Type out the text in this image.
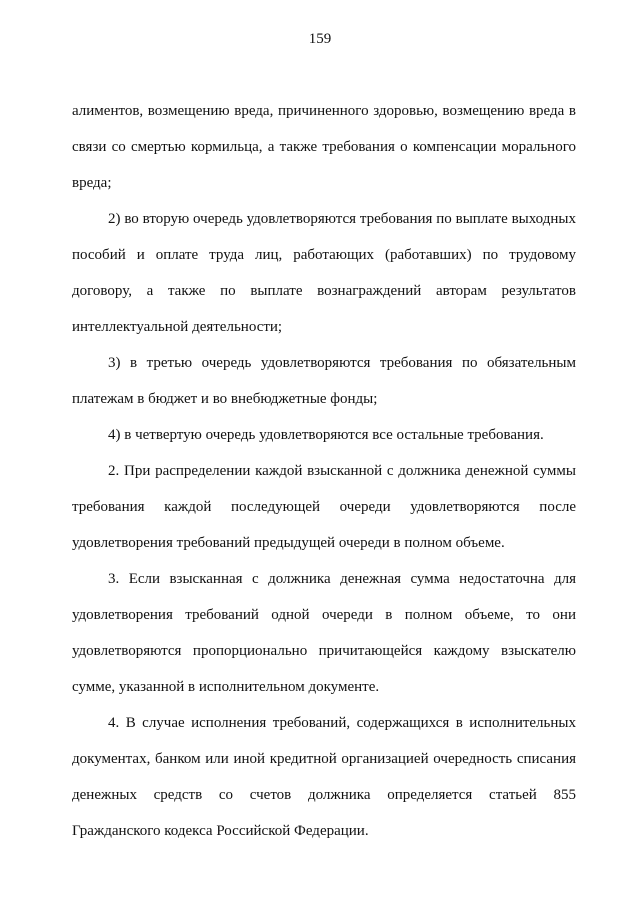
159

алиментов, возмещению вреда, причиненного здоровью, возмещению вреда в связи со смертью кормильца, а также требования о компенсации морального вреда;

2) во вторую очередь удовлетворяются требования по выплате выходных пособий и оплате труда лиц, работающих (работавших) по трудовому договору, а также по выплате вознаграждений авторам результатов интеллектуальной деятельности;

3) в третью очередь удовлетворяются требования по обязательным платежам в бюджет и во внебюджетные фонды;

4) в четвертую очередь удовлетворяются все остальные требования.

2. При распределении каждой взысканной с должника денежной суммы требования каждой последующей очереди удовлетворяются после удовлетворения требований предыдущей очереди в полном объеме.

3. Если взысканная с должника денежная сумма недостаточна для удовлетворения требований одной очереди в полном объеме, то они удовлетворяются пропорционально причитающейся каждому взыскателю сумме, указанной в исполнительном документе.

4. В случае исполнения требований, содержащихся в исполнительных документах, банком или иной кредитной организацией очередность списания денежных средств со счетов должника определяется статьей 855 Гражданского кодекса Российской Федерации.
